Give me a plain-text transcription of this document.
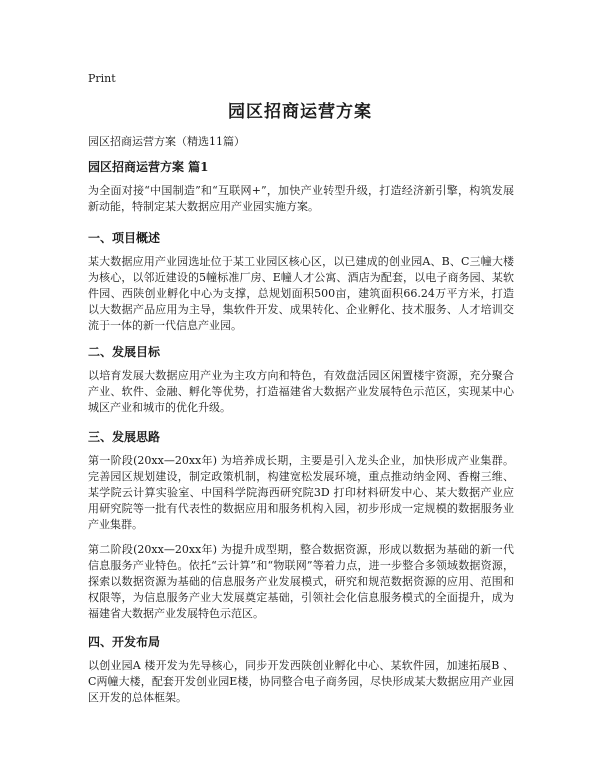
Print
园区招商运营方案
园区招商运营方案（精选11篇）
园区招商运营方案 篇1
为全面对接“中国制造”和“互联网+”，加快产业转型升级，打造经济新引擎，构筑发展新动能，特制定某大数据应用产业园实施方案。
一、项目概述
某大数据应用产业园选址位于某工业园区核心区，以已建成的创业园A、B、C三幢大楼为核心，以邻近建设的5幢标准厂房、E幢人才公寓、酒店为配套，以电子商务园、某软件园、西陕创业孵化中心为支撑，总规划面积500亩，建筑面积66.24万平方米，打造以大数据产品应用为主导，集软件开发、成果转化、企业孵化、技术服务、人才培训交流于一体的新一代信息产业园。
二、发展目标
以培育发展大数据应用产业为主攻方向和特色，有效盘活园区闲置楼宇资源，充分聚合产业、软件、金融、孵化等优势，打造福建省大数据产业发展特色示范区，实现某中心城区产业和城市的优化升级。
三、发展思路
第一阶段(20xx—20xx年) 为培养成长期，主要是引入龙头企业，加快形成产业集群。完善园区规划建设，制定政策机制，构建宽松发展环境，重点推动纳金网、香榭三维、某学院云计算实验室、中国科学院海西研究院3D 打印材料研发中心、某大数据产业应用研究院等一批有代表性的数据应用和服务机构入园，初步形成一定规模的数据服务业产业集群。
第二阶段(20xx—20xx年) 为提升成型期，整合数据资源，形成以数据为基础的新一代信息服务产业特色。依托“云计算”和“物联网”等着力点，进一步整合多领域数据资源，探索以数据资源为基础的信息服务产业发展模式，研究和规范数据资源的应用、范围和权限等，为信息服务产业大发展奠定基础，引领社会化信息服务模式的全面提升，成为福建省大数据产业发展特色示范区。
四、开发布局
以创业园A 楼开发为先导核心，同步开发西陕创业孵化中心、某软件园，加速拓展B 、C两幢大楼，配套开发创业园E楼，协同整合电子商务园，尽快形成某大数据应用产业园区开发的总体框架。
